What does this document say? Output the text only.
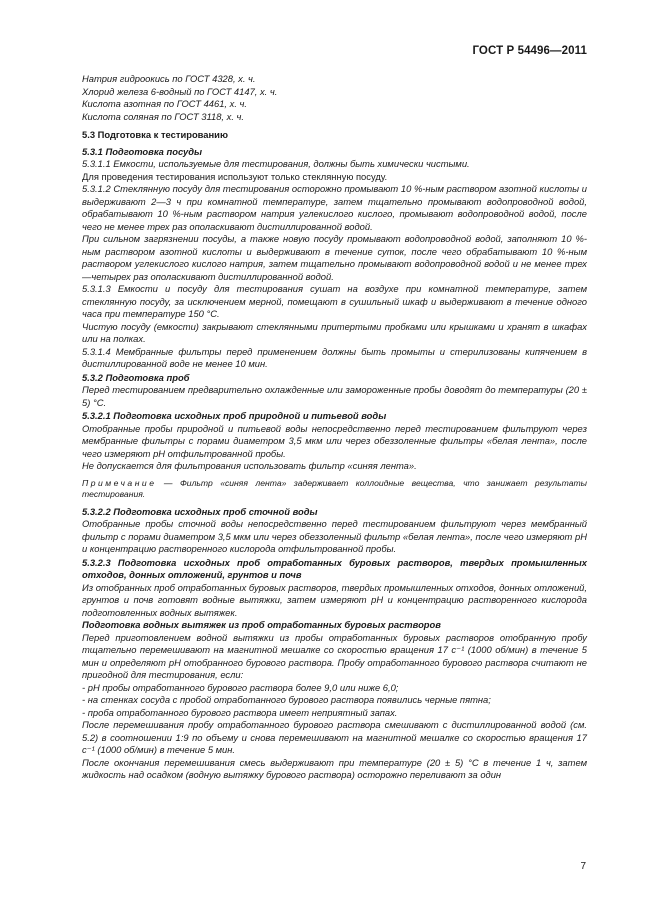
ГОСТ Р 54496—2011

Натрия гидроокись по ГОСТ 4328, х. ч.

Хлорид железа 6-водный по ГОСТ 4147, х. ч.

Кислота азотная по ГОСТ 4461, х. ч.

Кислота соляная по ГОСТ 3118, х. ч.

5.3 Подготовка к тестированию

5.3.1 Подготовка посуды

5.3.1.1 Емкости, используемые для тестирования, должны быть химически чистыми.

Для проведения тестирования используют только стеклянную посуду.

5.3.1.2 Стеклянную посуду для тестирования осторожно промывают 10 %-ным раствором азотной кислоты и выдерживают 2—3 ч при комнатной температуре, затем тщательно промывают водопроводной водой, обрабатывают 10 %-ным раствором натрия углекислого кислого, промывают водопроводной водой, после чего не менее трех раз ополаскивают дистиллированной водой.

При сильном загрязнении посуды, а также новую посуду промывают водопроводной водой, заполняют 10 %-ным раствором азотной кислоты и выдерживают в течение суток, после чего обрабатывают 10 %-ным раствором углекислого кислого натрия, затем тщательно промывают водопроводной водой и не менее трех—четырех раз ополаскивают дистиллированной водой.

5.3.1.3 Емкости и посуду для тестирования сушат на воздухе при комнатной температуре, затем стеклянную посуду, за исключением мерной, помещают в сушильный шкаф и выдерживают в течение одного часа при температуре 150 °С.

Чистую посуду (емкости) закрывают стеклянными притертыми пробками или крышками и хранят в шкафах или на полках.

5.3.1.4 Мембранные фильтры перед применением должны быть промыты и стерилизованы кипячением в дистиллированной воде не менее 10 мин.

5.3.2 Подготовка проб

Перед тестированием предварительно охлажденные или замороженные пробы доводят до температуры (20 ± 5) °С.

5.3.2.1 Подготовка исходных проб природной и питьевой воды

Отобранные пробы природной и питьевой воды непосредственно перед тестированием фильтруют через мембранные фильтры с порами диаметром 3,5 мкм или через обеззоленные фильтры «белая лента», после чего измеряют pH отфильтрованной пробы.

Не допускается для фильтрования использовать фильтр «синяя лента».

Примечание — Фильтр «синяя лента» задерживает коллоидные вещества, что занижает результаты тестирования.

5.3.2.2 Подготовка исходных проб сточной воды

Отобранные пробы сточной воды непосредственно перед тестированием фильтруют через мембранный фильтр с порами диаметром 3,5 мкм или через обеззоленный фильтр «белая лента», после чего измеряют pH и концентрацию растворенного кислорода отфильтрованной пробы.

5.3.2.3 Подготовка исходных проб отработанных буровых растворов, твердых промышленных отходов, донных отложений, грунтов и почв

Из отобранных проб отработанных буровых растворов, твердых промышленных отходов, донных отложений, грунтов и почв готовят водные вытяжки, затем измеряют pH и концентрацию растворенного кислорода подготовленных водных вытяжек.

Подготовка водных вытяжек из проб отработанных буровых растворов

Перед приготовлением водной вытяжки из пробы отработанных буровых растворов отобранную пробу тщательно перемешивают на магнитной мешалке со скоростью вращения 17 с⁻¹ (1000 об/мин) в течение 5 мин и определяют pH отобранного бурового раствора. Пробу отработанного бурового раствора считают не пригодной для тестирования, если:

- pH пробы отработанного бурового раствора более 9,0 или ниже 6,0;

- на стенках сосуда с пробой отработанного бурового раствора появились черные пятна;

- проба отработанного бурового раствора имеет неприятный запах.

После перемешивания пробу отработанного бурового раствора смешивают с дистиллированной водой (см. 5.2) в соотношении 1:9 по объему и снова перемешивают на магнитной мешалке со скоростью вращения 17 с⁻¹ (1000 об/мин) в течение 5 мин.

После окончания перемешивания смесь выдерживают при температуре (20 ± 5) °С в течение 1 ч, затем жидкость над осадком (водную вытяжку бурового раствора) осторожно переливают за один

7
